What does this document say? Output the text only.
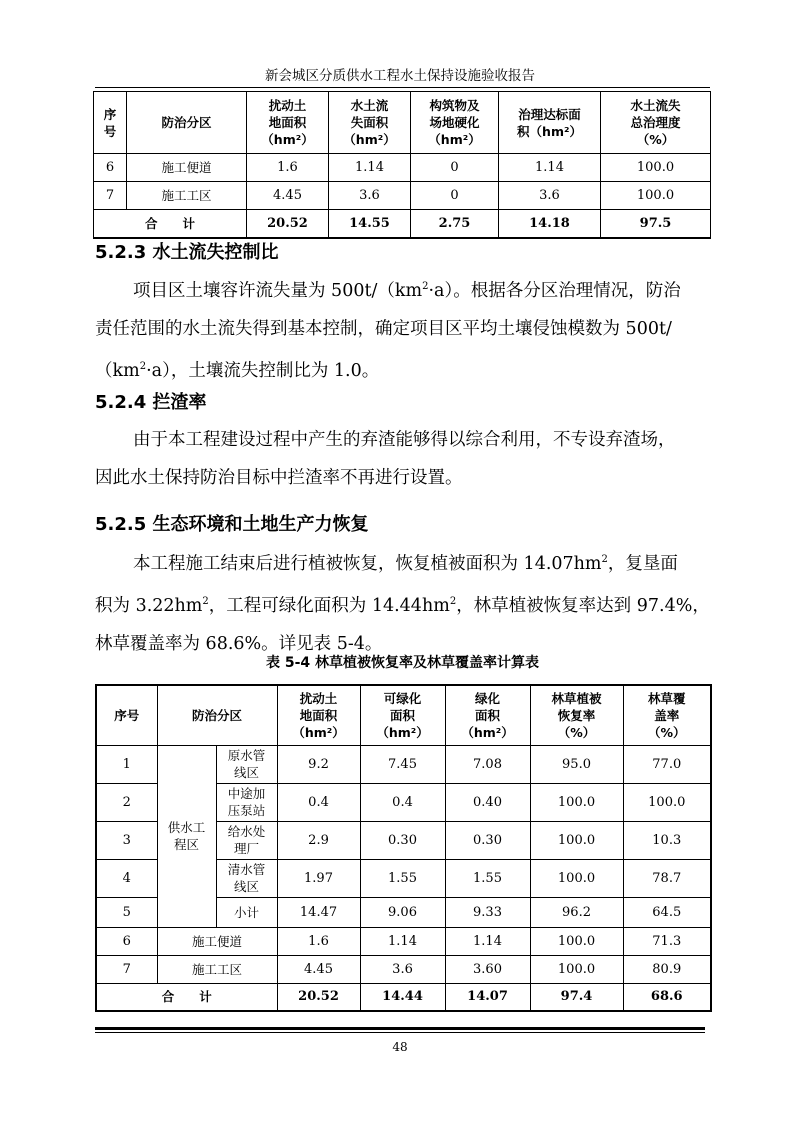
新会城区分质供水工程水土保持设施验收报告
序
号	防治分区	扰动土
地面积
（hm²）	水土流
失面积
（hm²）	构筑物及
场地硬化
（hm²）	治理达标面
积（hm²）	水土流失
总治理度
（%）
6	施工便道	1.6	1.14	0	1.14	100.0
7	施工工区	4.45	3.6	0	3.6	100.0
合　　计		20.52	14.55	2.75	14.18	97.5
5.2.3 水土流失控制比
项目区土壤容许流失量为 $500t/(km^2\cdot a)$。根据各分区治理情况，防治
责任范围的水土流失得到基本控制，确定项目区平均土壤侵蚀模数为 500t/
$(km^2\cdot a)$，土壤流失控制比为 1.0。
5.2.4 拦渣率
由于本工程建设过程中产生的弃渣能够得以综合利用，不专设弃渣场，
因此水土保持防治目标中拦渣率不再进行设置。
5.2.5 生态环境和土地生产力恢复
本工程施工结束后进行植被恢复，恢复植被面积为 $14.07hm^2$，复垦面
积为 $3.22hm^2$，工程可绿化面积为 $14.44hm^2$，林草植被恢复率达到 97.4%，
林草覆盖率为 68.6%。详见表 5-4。
表 5-4 林草植被恢复率及林草覆盖率计算表
序号	防治分区		扰动土
地面积
（hm²）	可绿化
面积
（hm²）	绿化
面积
（hm²）	林草植被
恢复率
（%）	林草覆
盖率
（%）
1	供水工
程区	原水管
线区	9.2	7.45	7.08	95.0	77.0
2		中途加
压泵站	0.4	0.4	0.40	100.0	100.0
3		给水处
理厂	2.9	0.30	0.30	100.0	10.3
4		清水管
线区	1.97	1.55	1.55	100.0	78.7
5		小计	14.47	9.06	9.33	96.2	64.5
6	施工便道		1.6	1.14	1.14	100.0	71.3
7	施工工区		4.45	3.6	3.60	100.0	80.9
合　　计			20.52	14.44	14.07	97.4	68.6
48
